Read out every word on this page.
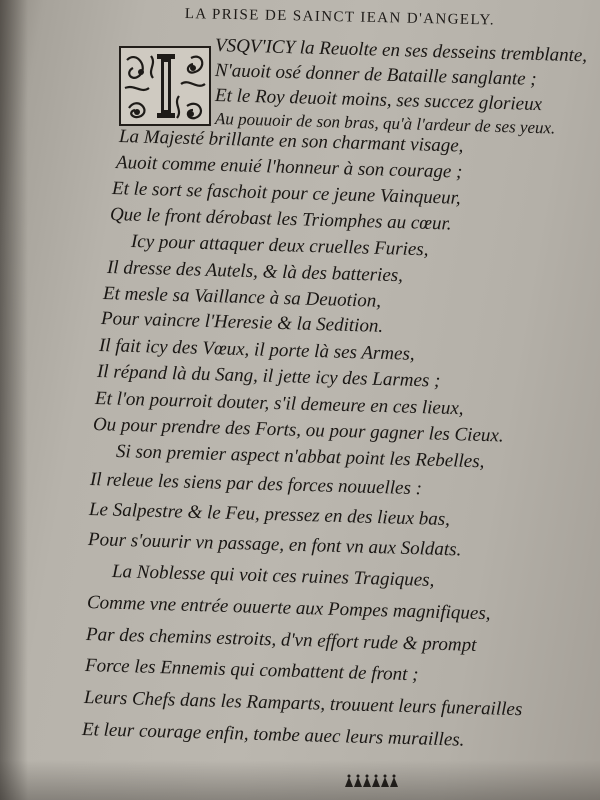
LA PRISE DE SAINCT IEAN D'ANGELY.
VSQV'ICY la Reuolte en ses desseins tremblante,
N'auoit osé donner de Bataille sanglante ;
Et le Roy deuoit moins, ses succez glorieux
Au pouuoir de son bras, qu'à l'ardeur de ses yeux.
La Majesté brillante en son charmant visage,
Auoit comme enuié l'honneur à son courage ;
Et le sort se faschoit pour ce jeune Vainqueur,
Que le front dérobast les Triomphes au cœur.
Icy pour attaquer deux cruelles Furies,
Il dresse des Autels, & là des batteries,
Et mesle sa Vaillance à sa Deuotion,
Pour vaincre l'Heresie & la Sedition.
Il fait icy des Vœux, il porte là ses Armes,
Il répand là du Sang, il jette icy des Larmes ;
Et l'on pourroit douter, s'il demeure en ces lieux,
Ou pour prendre des Forts, ou pour gagner les Cieux.
Si son premier aspect n'abbat point les Rebelles,
Il releue les siens par des forces nouuelles :
Le Salpestre & le Feu, pressez en des lieux bas,
Pour s'ouurir vn passage, en font vn aux Soldats.
La Noblesse qui voit ces ruines Tragiques,
Comme vne entrée ouuerte aux Pompes magnifiques,
Par des chemins estroits, d'vn effort rude & prompt
Force les Ennemis qui combattent de front ;
Leurs Chefs dans les Ramparts, trouuent leurs funerailles
Et leur courage enfin, tombe auec leurs murailles.
